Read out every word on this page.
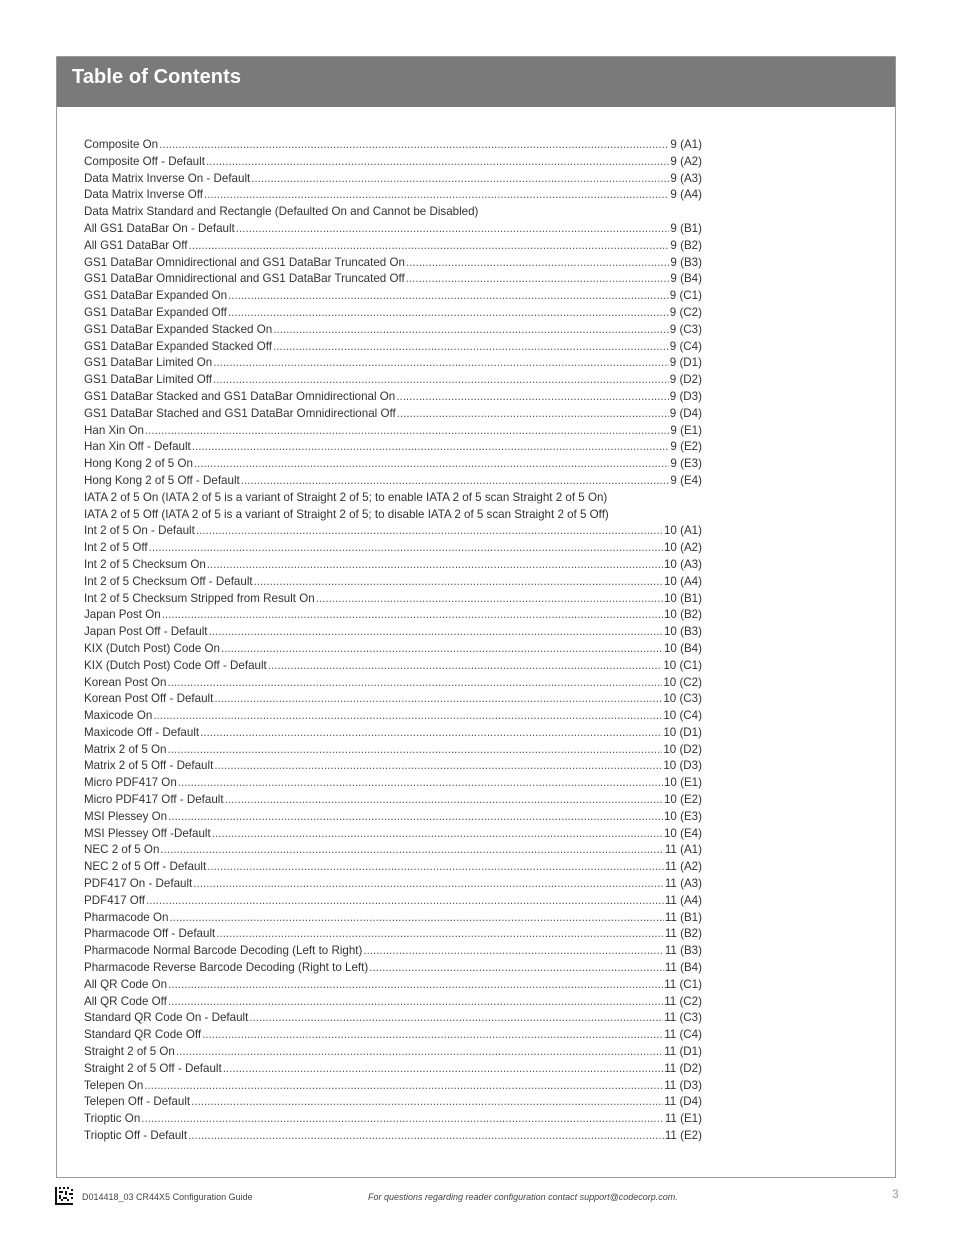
Table of Contents
Composite On .....	9 (A1)
Composite Off - Default .....	9 (A2)
Data Matrix Inverse On - Default .....	9 (A3)
Data Matrix Inverse Off .....	9 (A4)
Data Matrix Standard and Rectangle (Defaulted On and Cannot be Disabled)
All GS1 DataBar On - Default .....	9 (B1)
All GS1 DataBar Off .....	9 (B2)
GS1 DataBar Omnidirectional and GS1 DataBar Truncated On .....	9 (B3)
GS1 DataBar Omnidirectional and GS1 DataBar Truncated Off .....	9 (B4)
GS1 DataBar Expanded On .....	9 (C1)
GS1 DataBar Expanded Off .....	9 (C2)
GS1 DataBar Expanded Stacked On .....	9 (C3)
GS1 DataBar Expanded Stacked Off .....	9 (C4)
GS1 DataBar Limited On .....	9 (D1)
GS1 DataBar Limited Off .....	9 (D2)
GS1 DataBar Stacked and GS1 DataBar Omnidirectional On .....	9 (D3)
GS1 DataBar Stached and GS1 DataBar Omnidirectional Off .....	9 (D4)
Han Xin On .....	9 (E1)
Han Xin Off - Default .....	9 (E2)
Hong Kong 2 of 5 On .....	9 (E3)
Hong Kong 2 of 5 Off - Default .....	9 (E4)
IATA 2 of 5 On (IATA 2 of 5 is a variant of Straight 2 of 5; to enable IATA 2 of 5 scan Straight 2 of 5 On)
IATA 2 of 5 Off (IATA 2 of 5 is a variant of Straight 2 of 5; to disable IATA 2 of 5 scan Straight 2 of 5 Off)
Int 2 of 5 On - Default .....	10 (A1)
Int 2 of 5 Off .....	10 (A2)
Int 2 of 5 Checksum On .....	10 (A3)
Int 2 of 5 Checksum Off - Default .....	10 (A4)
Int 2 of 5 Checksum Stripped from Result On .....	10 (B1)
Japan Post On .....	10 (B2)
Japan Post Off - Default .....	10 (B3)
KIX (Dutch Post) Code On .....	10 (B4)
KIX (Dutch Post) Code Off - Default .....	10 (C1)
Korean Post On .....	10 (C2)
Korean Post Off - Default .....	10 (C3)
Maxicode On .....	10 (C4)
Maxicode Off - Default .....	10 (D1)
Matrix 2 of 5 On .....	10 (D2)
Matrix 2 of 5 Off - Default .....	10 (D3)
Micro PDF417 On .....	10 (E1)
Micro PDF417 Off - Default .....	10 (E2)
MSI Plessey On .....	10 (E3)
MSI Plessey Off -Default .....	10 (E4)
NEC 2 of 5 On .....	11 (A1)
NEC 2 of 5 Off - Default .....	11 (A2)
PDF417 On - Default .....	11 (A3)
PDF417 Off .....	11 (A4)
Pharmacode On .....	11 (B1)
Pharmacode Off - Default .....	11 (B2)
Pharmacode Normal Barcode Decoding (Left to Right) .....	11 (B3)
Pharmacode Reverse Barcode Decoding (Right to Left) .....	11 (B4)
All QR Code On .....	11 (C1)
All QR Code Off .....	11 (C2)
Standard QR Code On - Default .....	11 (C3)
Standard QR Code Off .....	11 (C4)
Straight 2 of 5 On .....	11 (D1)
Straight 2 of 5 Off - Default .....	11 (D2)
Telepen On .....	11 (D3)
Telepen Off - Default .....	11 (D4)
Trioptic On .....	11 (E1)
Trioptic Off - Default .....	11 (E2)
D014418_03 CR44X5 Configuration Guide	For questions regarding reader configuration contact support@codecorp.com.	3
